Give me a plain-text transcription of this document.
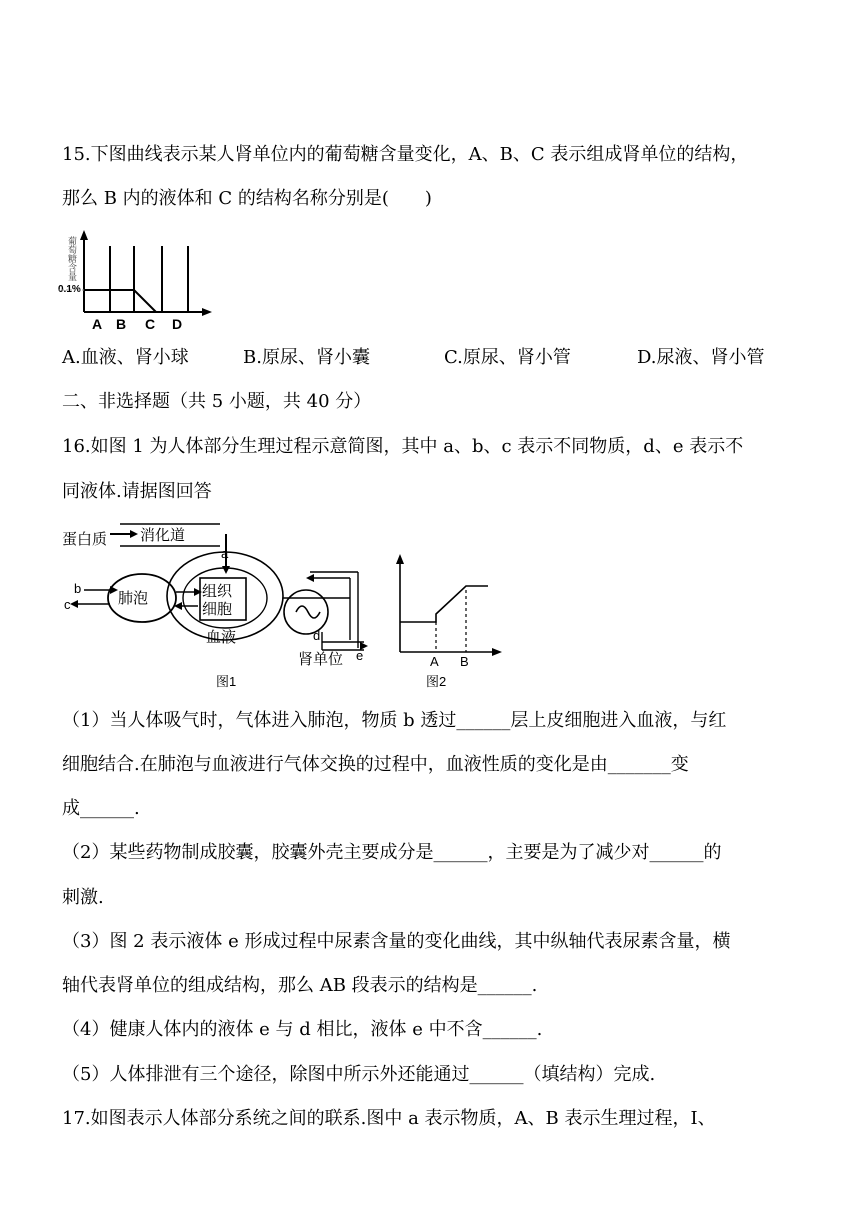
15.下图曲线表示某人肾单位内的葡萄糖含量变化，A、B、C 表示组成肾单位的结构，
那么 B 内的液体和 C 的结构名称分别是(　　)
葡萄糖含量
0.1%
A B C D
A.血液、肾小球	B.原尿、肾小囊	C.原尿、肾小管	D.尿液、肾小管
二、非选择题（共 5 小题，共 40 分）
16.如图 1 为人体部分生理过程示意简图，其中 a、b、c 表示不同物质，d、e 表示不
同液体.请据图回答
蛋白质 消化道
a
肺泡
b
c
组织
细胞
血液	d
e
肾单位
图1
A B
图2
（1）当人体吸气时，气体进入肺泡，物质 b 透过______层上皮细胞进入血液，与红
细胞结合.在肺泡与血液进行气体交换的过程中，血液性质的变化是由_______变
成______.
（2）某些药物制成胶囊，胶囊外壳主要成分是______，主要是为了减少对______的
刺激.
（3）图 2 表示液体 e 形成过程中尿素含量的变化曲线，其中纵轴代表尿素含量，横
轴代表肾单位的组成结构，那么 AB 段表示的结构是______.
（4）健康人体内的液体 e 与 d 相比，液体 e 中不含______.
（5）人体排泄有三个途径，除图中所示外还能通过______（填结构）完成.
17.如图表示人体部分系统之间的联系.图中 a 表示物质，A、B 表示生理过程，Ⅰ、
